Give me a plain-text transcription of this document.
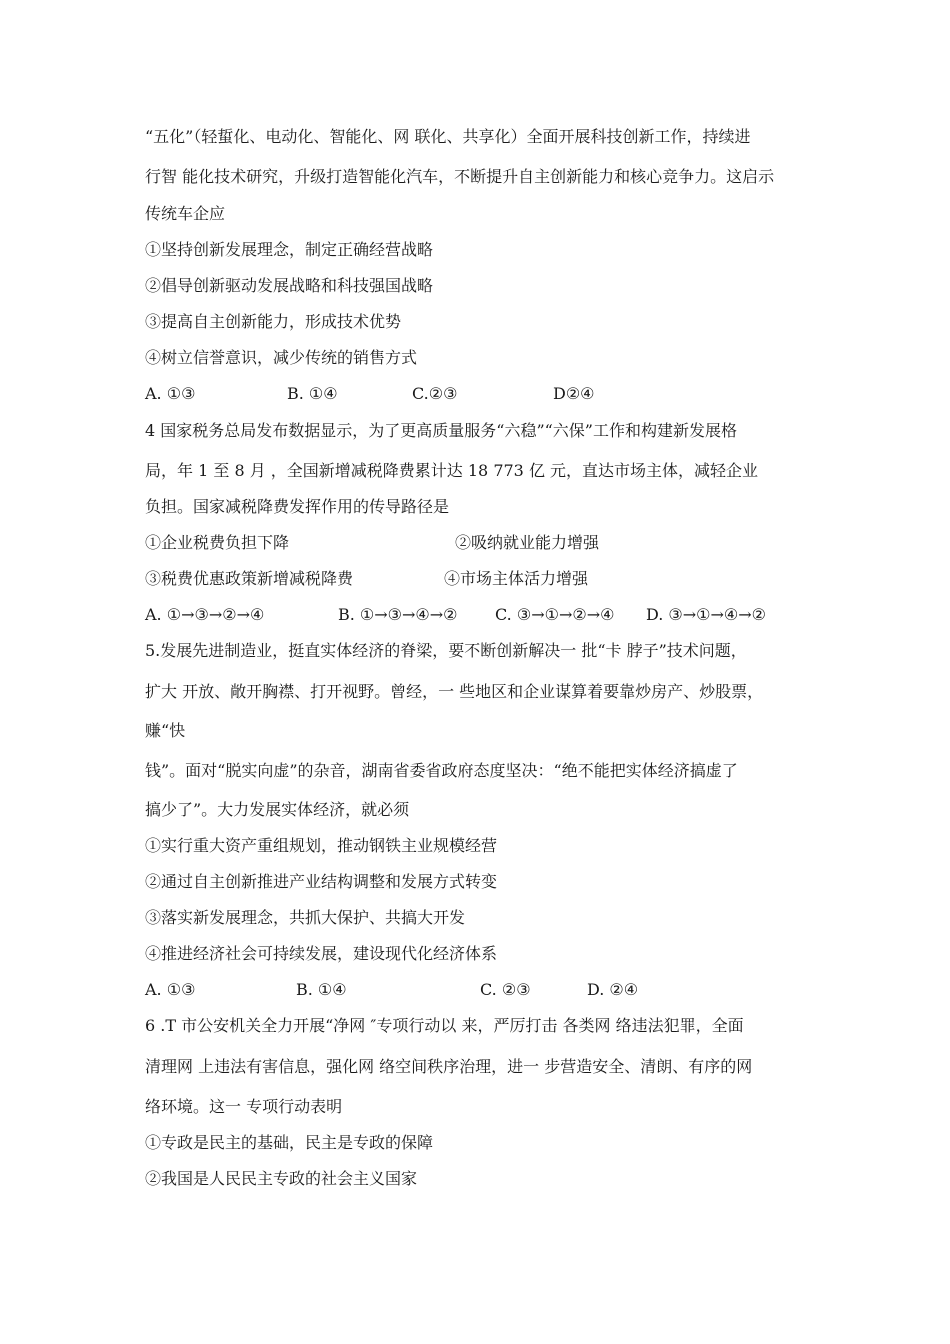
“五化”（轻蜇化、电动化、智能化、网 联化、共享化）全面开展科技创新工作，持续进
行智 能化技术研究，升级打造智能化汽车，不断提升自主创新能力和核心竞争力。这启示
传统车企应
①坚持创新发展理念，制定正确经营战略
②倡导创新驱动发展战略和科技强国战略
③提高自主创新能力，形成技术优势
④树立信誉意识，减少传统的销售方式
A. ①③	B. ①④	C.②③	D②④
4 国家税务总局发布数据显示，为了更高质量服务“六稳”“六保”工作和构建新发展格
局，年 1 至 8 月 ，全国新增减税降费累计达 18 773 亿 元，直达市场主体，减轻企业
负担。国家减税降费发挥作用的传导路径是
①企业税费负担下降	②吸纳就业能力增强
③税费优惠政策新增减税降费	④市场主体活力增强
A. ①→③→②→④	B. ①→③→④→② C. ③→①→②→④ D. ③→①→④→②
5.发展先进制造业，挺直实体经济的脊梁，要不断创新解决一 批“卡 脖子”技术问题，
扩大 开放、敞开胸襟、打开视野。曾经，一 些地区和企业谋算着要靠炒房产、炒股票，
赚“快
钱”。面对“脱实向虚”的杂音，湖南省委省政府态度坚决：“绝不能把实体经济搞虚了
搞少了”。大力发展实体经济，就必须
①实行重大资产重组规划，推动钢铁主业规模经营
②通过自主创新推进产业结构调整和发展方式转变
③落实新发展理念，共抓大保护、共搞大开发
④推进经济社会可持续发展，建设现代化经济体系
A. ①③	B. ①④	C. ②③	D. ②④
6 .T 市公安机关全力开展“净网 ″专项行动以 来，严厉打击 各类网 络违法犯罪，全面
清理网 上违法有害信息，强化网 络空间秩序治理，进一 步营造安全、清朗、有序的网
络环境。这一 专项行动表明
①专政是民主的基础，民主是专政的保障
②我国是人民民主专政的社会主义国家
